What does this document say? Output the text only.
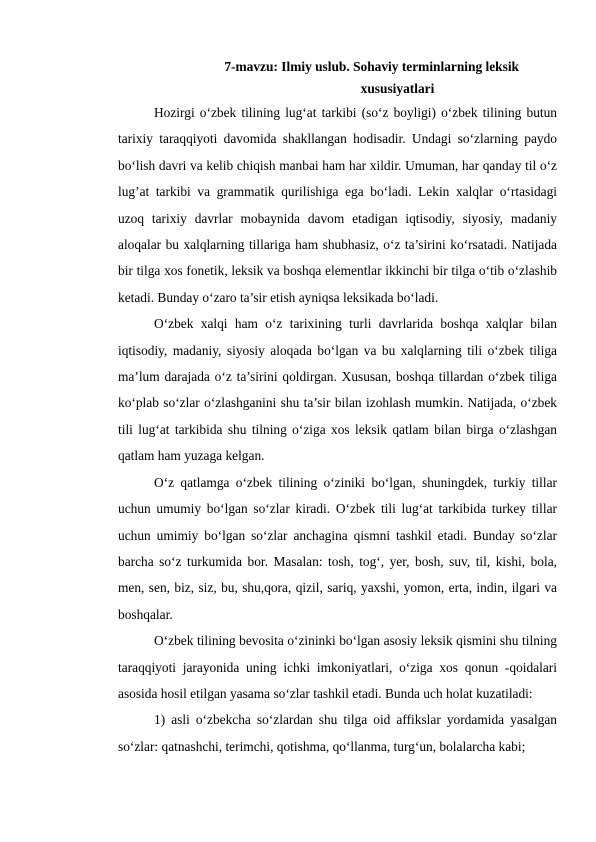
7-mavzu: Ilmiy uslub. Sohaviy terminlarning leksik

xususiyatlari

Hozirgi o‘zbek tilining lug‘at tarkibi (so‘z boyligi) o‘zbek tilining butun tarixiy taraqqiyoti davomida shakllangan hodisadir. Undagi so‘zlarning paydo bo‘lish davri va kelib chiqish manbai ham har xildir. Umuman, har qanday til o‘z lug’at tarkibi va grammatik qurilishiga ega bo‘ladi. Lekin xalqlar o‘rtasidagi uzoq tarixiy davrlar mobaynida davom etadigan iqtisodiy, siyosiy, madaniy aloqalar bu xalqlarning tillariga ham shubhasiz, o‘z ta’sirini ko‘rsatadi. Natijada bir tilga xos fonetik, leksik va boshqa elementlar ikkinchi bir tilga o‘tib o‘zlashib ketadi. Bunday o‘zaro ta’sir etish ayniqsa leksikada bo‘ladi.

O‘zbek xalqi ham o‘z tarixining turli davrlarida boshqa xalqlar bilan iqtisodiy, madaniy, siyosiy aloqada bo‘lgan va bu xalqlarning tili o‘zbek tiliga ma’lum darajada o‘z ta’sirini qoldirgan. Xususan, boshqa tillardan o‘zbek tiliga ko‘plab so‘zlar o‘zlashganini shu ta’sir bilan izohlash mumkin. Natijada, o‘zbek tili lug‘at tarkibida shu tilning o‘ziga xos leksik qatlam bilan birga o‘zlashgan qatlam ham yuzaga kelgan.

O‘z qatlamga o‘zbek tilining o‘ziniki bo‘lgan, shuningdek, turkiy tillar uchun umumiy bo‘lgan so‘zlar kiradi. O‘zbek tili lug‘at tarkibida turkey tillar uchun umimiy bo‘lgan so‘zlar anchagina qismni tashkil etadi. Bunday so‘zlar barcha so‘z turkumida bor. Masalan: tosh, tog‘, yer, bosh, suv, til, kishi, bola, men, sen, biz, siz, bu, shu,qora, qizil, sariq, yaxshi, yomon, erta, indin, ilgari va boshqalar.

O‘zbek tilining bevosita o‘zininki bo‘lgan asosiy leksik qismini shu tilning taraqqiyoti jarayonida uning ichki imkoniyatlari, o‘ziga xos qonun -qoidalari asosida hosil etilgan yasama so‘zlar tashkil etadi. Bunda uch holat kuzatiladi:

1) asli o‘zbekcha so‘zlardan shu tilga oid affikslar yordamida yasalgan so‘zlar: qatnashchi, terimchi, qotishma, qo‘llanma, turg‘un, bolalarcha kabi;
